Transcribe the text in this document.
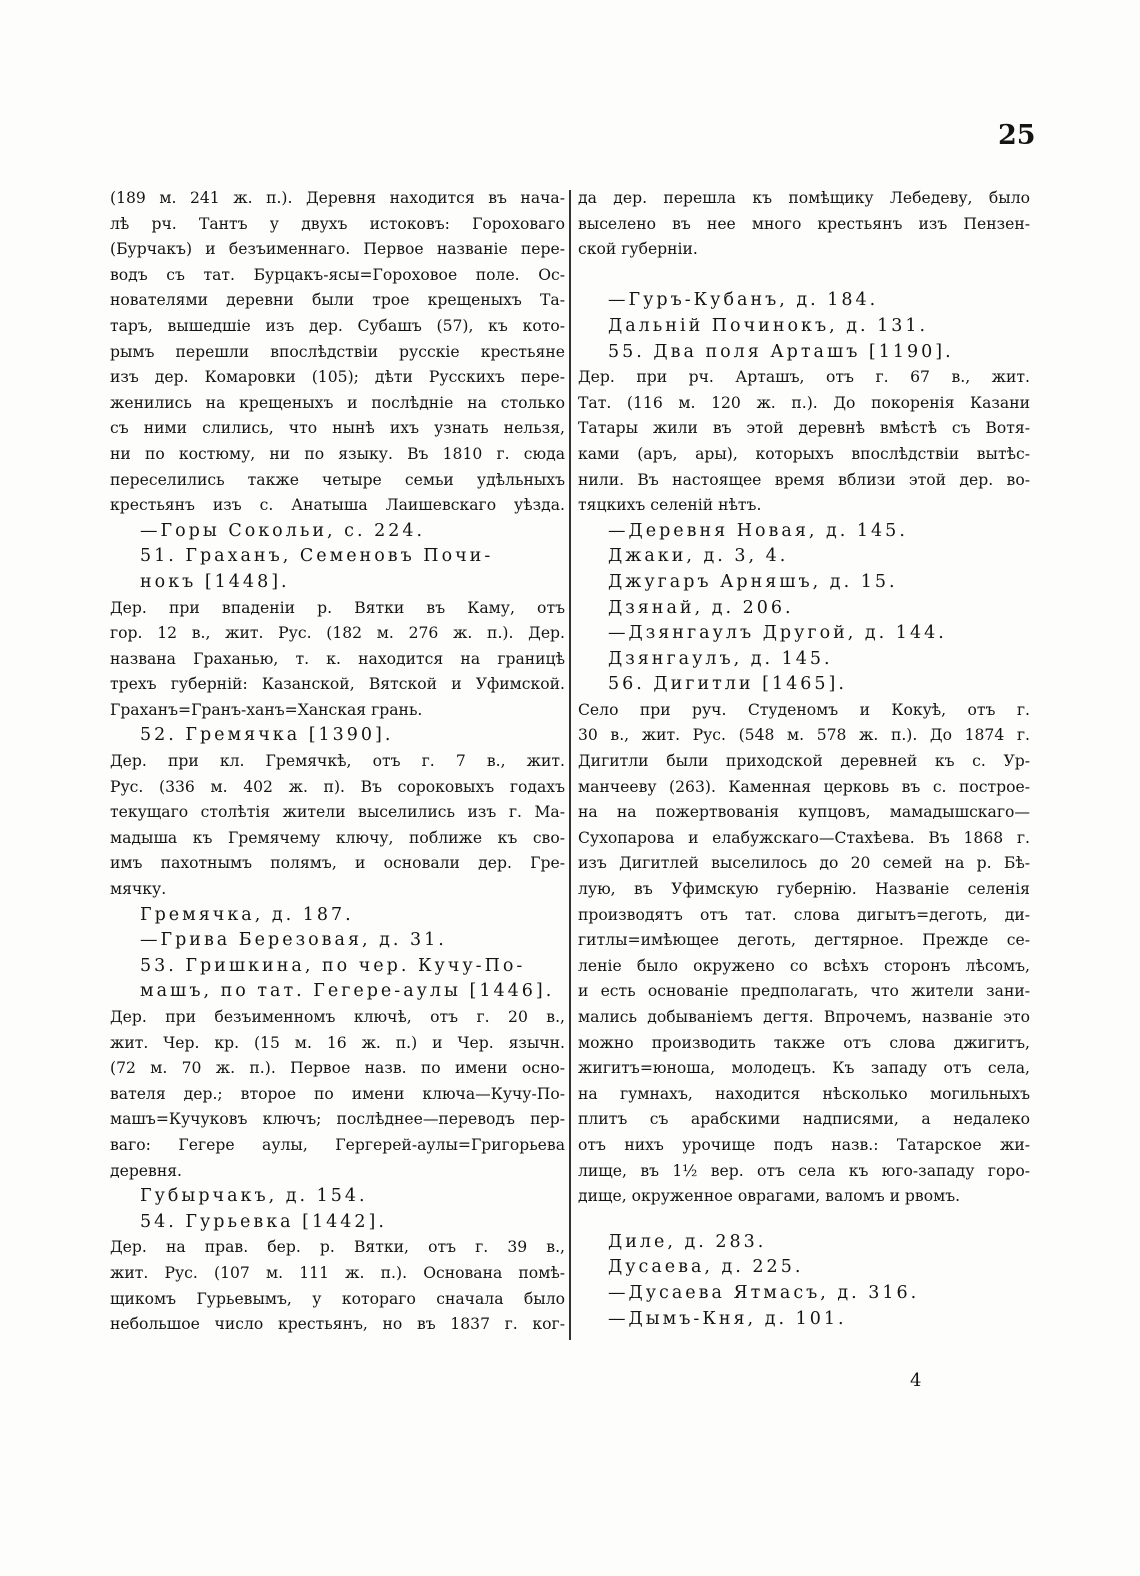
25
(189 м. 241 ж. п.). Деревня находится въ нача-
лѣ рч. Тантъ у двухъ истоковъ: Гороховаго
(Бурчакъ) и безъименнаго. Первое названіе пере-
водъ съ тат. Бурцакъ-ясы=Гороховое поле. Ос-
нователями деревни были трое крещеныхъ Та-
таръ, вышедшіе изъ дер. Субашъ (57), къ кото-
рымъ перешли впослѣдствіи русскіе крестьяне
изъ дер. Комаровки (105); дѣти Русскихъ пере-
женились на крещеныхъ и послѣдніе на столько
съ ними слились, что нынѣ ихъ узнать нельзя,
ни по костюму, ни по языку. Въ 1810 г. сюда
переселились также четыре семьи удѣльныхъ
крестьянъ изъ с. Анатыша Лаишевскаго уѣзда.
—Горы Сокольи, с. 224.
51. Граханъ, Семеновъ Почи-
нокъ [1448].
Дер. при впаденіи р. Вятки въ Каму, отъ
гор. 12 в., жит. Рус. (182 м. 276 ж. п.). Дер.
названа Граханью, т. к. находится на границѣ
трехъ губерній: Казанской, Вятской и Уфимской.
Граханъ=Гранъ-ханъ=Ханская грань.
52. Гремячка [1390].
Дер. при кл. Гремячкѣ, отъ г. 7 в., жит.
Рус. (336 м. 402 ж. п). Въ сороковыхъ годахъ
текущаго столѣтія жители выселились изъ г. Ма-
мадыша къ Гремячему ключу, поближе къ сво-
имъ пахотнымъ полямъ, и основали дер. Гре-
мячку.
Гремячка, д. 187.
—Грива Березовая, д. 31.
53. Гришкина, по чер. Кучу-По-
машъ, по тат. Гегере-аулы [1446].
Дер. при безъименномъ ключѣ, отъ г. 20 в.,
жит. Чер. кр. (15 м. 16 ж. п.) и Чер. язычн.
(72 м. 70 ж. п.). Первое назв. по имени осно-
вателя дер.; второе по имени ключа—Кучу-По-
машъ=Кучуковъ ключъ; послѣднее—переводъ пер-
ваго: Гегере аулы, Гергерей-аулы=Григорьева
деревня.
Губырчакъ, д. 154.
54. Гурьевка [1442].
Дер. на прав. бер. р. Вятки, отъ г. 39 в.,
жит. Рус. (107 м. 111 ж. п.). Основана помѣ-
щикомъ Гурьевымъ, у котораго сначала было
небольшое число крестьянъ, но въ 1837 г. ког-
да дер. перешла къ помѣщику Лебедеву, было
выселено въ нее много крестьянъ изъ Пензен-
ской губерніи.
—Гуръ-Кубанъ, д. 184.
Дальній Починокъ, д. 131.
55. Два поля Арташъ [1190].
Дер. при рч. Арташъ, отъ г. 67 в., жит.
Тат. (116 м. 120 ж. п.). До покоренія Казани
Татары жили въ этой деревнѣ вмѣстѣ съ Вотя-
ками (аръ, ары), которыхъ впослѣдствіи вытѣс-
нили. Въ настоящее время вблизи этой дер. во-
тяцкихъ селеній нѣтъ.
—Деревня Новая, д. 145.
Джаки, д. 3, 4.
Джугаръ Арняшъ, д. 15.
Дзянай, д. 206.
—Дзянгаулъ Другой, д. 144.
Дзянгаулъ, д. 145.
56. Дигитли [1465].
Село при руч. Студеномъ и Кокуѣ, отъ г.
30 в., жит. Рус. (548 м. 578 ж. п.). До 1874 г.
Дигитли были приходской деревней къ с. Ур-
манчееву (263). Каменная церковь въ с. построе-
на на пожертвованія купцовъ, мамадышскаго—
Сухопарова и елабужскаго—Стахѣева. Въ 1868 г.
изъ Дигитлей выселилось до 20 семей на р. Бѣ-
лую, въ Уфимскую губернію. Названіе селенія
производятъ отъ тат. слова дигытъ=деготь, ди-
гитлы=имѣющее деготь, дегтярное. Прежде се-
леніе было окружено со всѣхъ сторонъ лѣсомъ,
и есть основаніе предполагать, что жители зани-
мались добываніемъ дегтя. Впрочемъ, названіе это
можно производить также отъ слова джигитъ,
жигитъ=юноша, молодецъ. Къ западу отъ села,
на гумнахъ, находится нѣсколько могильныхъ
плитъ съ арабскими надписями, а недалеко
отъ нихъ урочище подъ назв.: Татарское жи-
лище, въ 1½ вер. отъ села къ юго-западу горо-
дище, окруженное оврагами, валомъ и рвомъ.
Диле, д. 283.
Дусаева, д. 225.
—Дусаева Ятмасъ, д. 316.
—Дымъ-Кня, д. 101.
4
